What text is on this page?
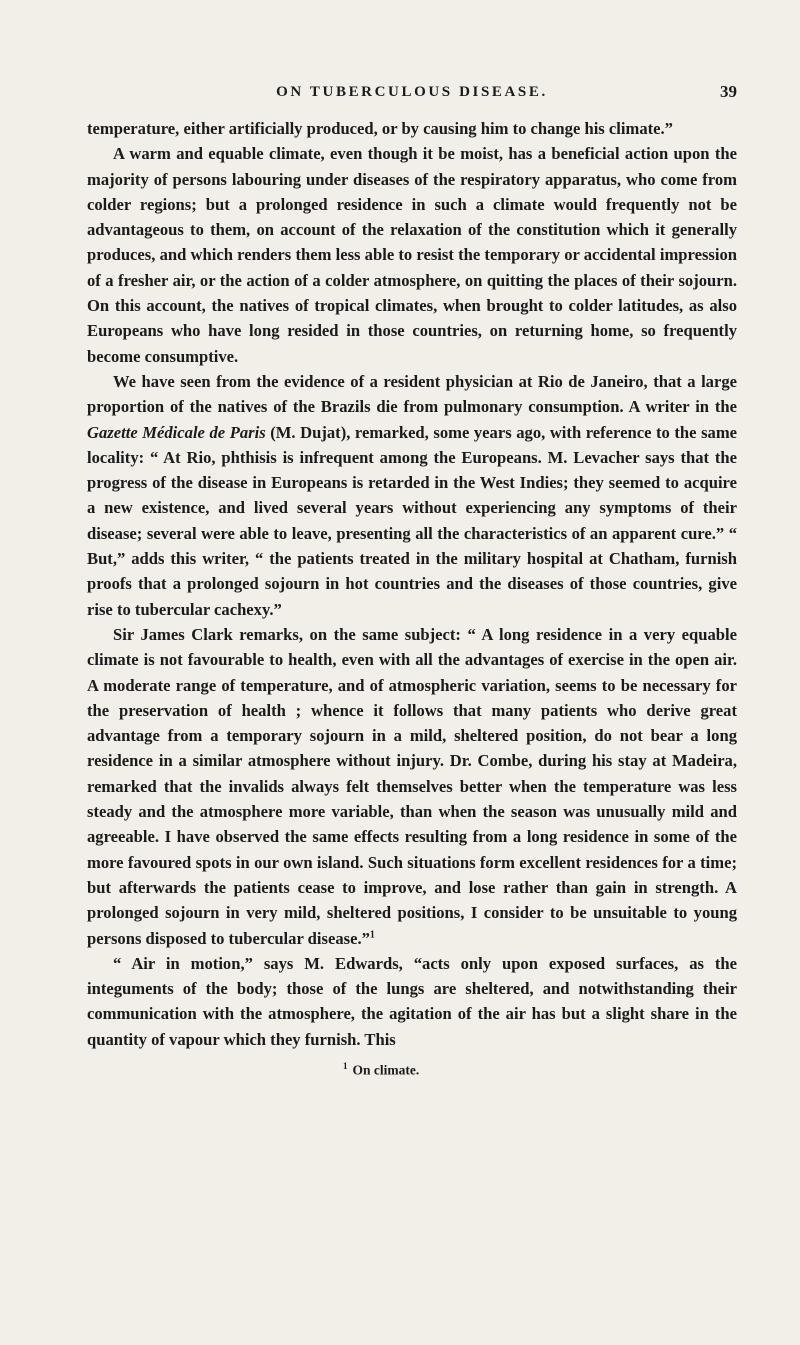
ON TUBERCULOUS DISEASE.	39

temperature, either artificially produced, or by causing him to change his climate.”

A warm and equable climate, even though it be moist, has a beneficial action upon the majority of persons labouring under diseases of the respiratory apparatus, who come from colder regions; but a prolonged residence in such a climate would frequently not be advantageous to them, on account of the relaxation of the constitution which it generally produces, and which renders them less able to resist the temporary or accidental impression of a fresher air, or the action of a colder atmosphere, on quitting the places of their sojourn. On this account, the natives of tropical climates, when brought to colder latitudes, as also Europeans who have long resided in those countries, on returning home, so frequently become consumptive.

We have seen from the evidence of a resident physician at Rio de Janeiro, that a large proportion of the natives of the Brazils die from pulmonary consumption. A writer in the Gazette Médicale de Paris (M. Dujat), remarked, some years ago, with reference to the same locality: “ At Rio, phthisis is infrequent among the Europeans. M. Levacher says that the progress of the disease in Europeans is retarded in the West Indies; they seemed to acquire a new existence, and lived several years without experiencing any symptoms of their disease; several were able to leave, presenting all the characteristics of an apparent cure.” “ But,” adds this writer, “ the patients treated in the military hospital at Chatham, furnish proofs that a prolonged sojourn in hot countries and the diseases of those countries, give rise to tubercular cachexy.”

Sir James Clark remarks, on the same subject: “ A long residence in a very equable climate is not favourable to health, even with all the advantages of exercise in the open air. A moderate range of temperature, and of atmospheric variation, seems to be necessary for the preservation of health ; whence it follows that many patients who derive great advantage from a temporary sojourn in a mild, sheltered position, do not bear a long residence in a similar atmosphere without injury. Dr. Combe, during his stay at Madeira, remarked that the invalids always felt themselves better when the temperature was less steady and the atmosphere more variable, than when the season was unusually mild and agreeable. I have observed the same effects resulting from a long residence in some of the more favoured spots in our own island. Such situations form excellent residences for a time; but afterwards the patients cease to improve, and lose rather than gain in strength. A prolonged sojourn in very mild, sheltered positions, I consider to be unsuitable to young persons disposed to tubercular disease.”$^1$

“ Air in motion,” says M. Edwards, “acts only upon exposed surfaces, as the integuments of the body; those of the lungs are sheltered, and notwithstanding their communication with the atmosphere, the agitation of the air has but a slight share in the quantity of vapour which they furnish. This

$^1$ On climate.
